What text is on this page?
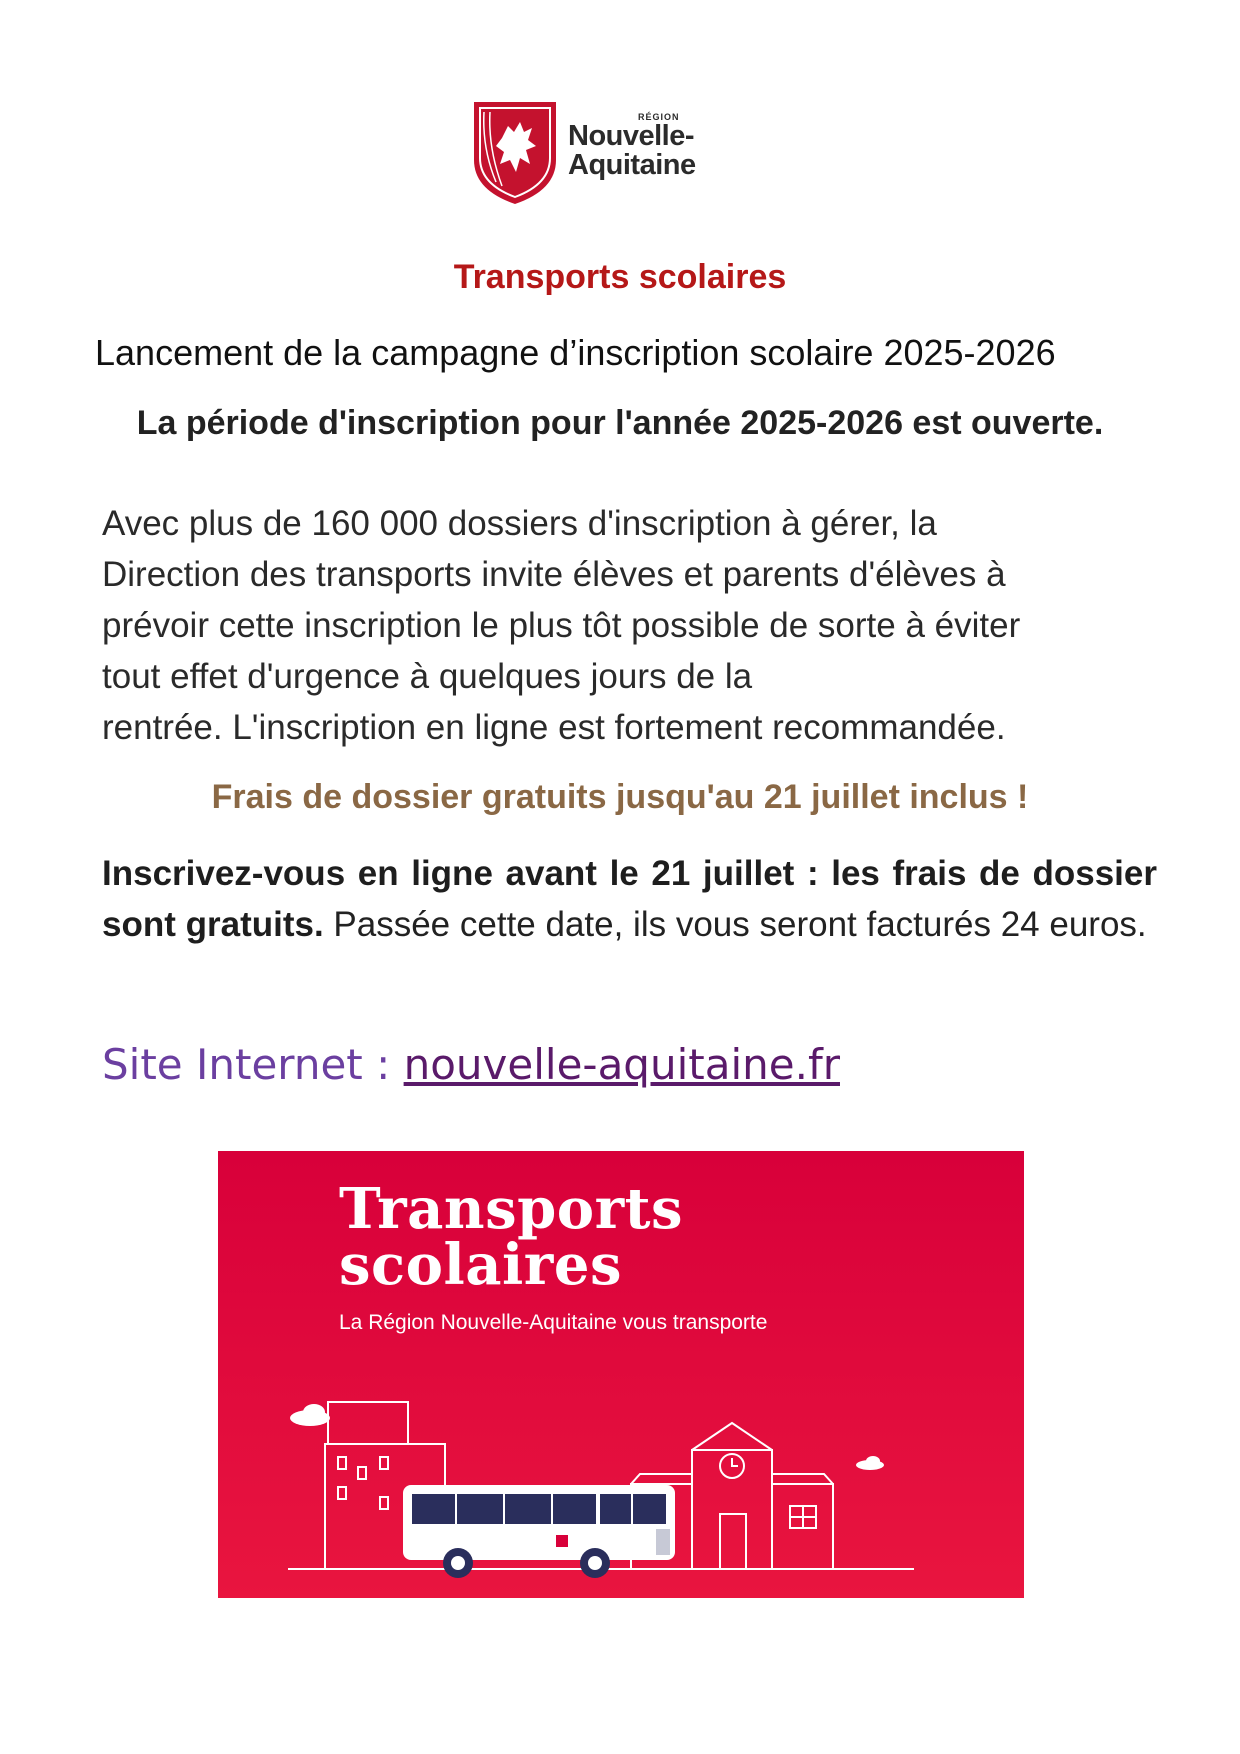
RÉGION
Nouvelle-
Aquitaine
Transports scolaires
Lancement de la campagne d’inscription scolaire 2025-2026
La période d'inscription pour l'année 2025-2026 est ouverte.

Avec plus de 160 000 dossiers d'inscription à gérer, la

Direction des transports invite élèves et parents d'élèves à

prévoir cette inscription le plus tôt possible de sorte à éviter

tout effet d'urgence à quelques jours de la

rentrée. L'inscription en ligne est fortement recommandée.

Frais de dossier gratuits jusqu'au 21 juillet inclus !
Inscrivez-vous en ligne avant le 21 juillet : les frais de dossier sont gratuits. Passée cette date, ils vous seront facturés 24 euros.
Site Internet : nouvelle-aquitaine.fr
Transports
scolaires
La Région Nouvelle-Aquitaine vous transporte
